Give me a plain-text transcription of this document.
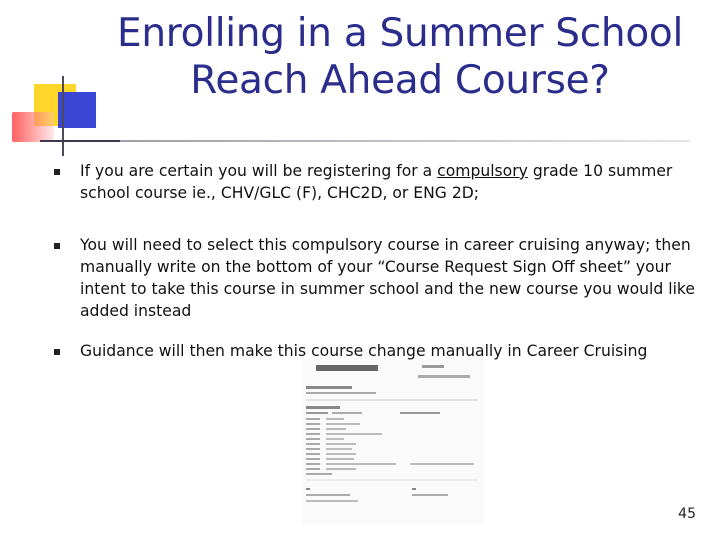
Enrolling in a Summer School
Reach Ahead Course?
If you are certain you will be registering for a compulsory grade 10 summer school course ie., CHV/GLC (F), CHC2D, or ENG 2D;
You will need to select this compulsory course in career cruising anyway; then manually write on the bottom of your “Course Request Sign Off sheet” your intent to take this course in summer school and the new course you would like added instead
Guidance will then make this course change manually in Career Cruising
45
